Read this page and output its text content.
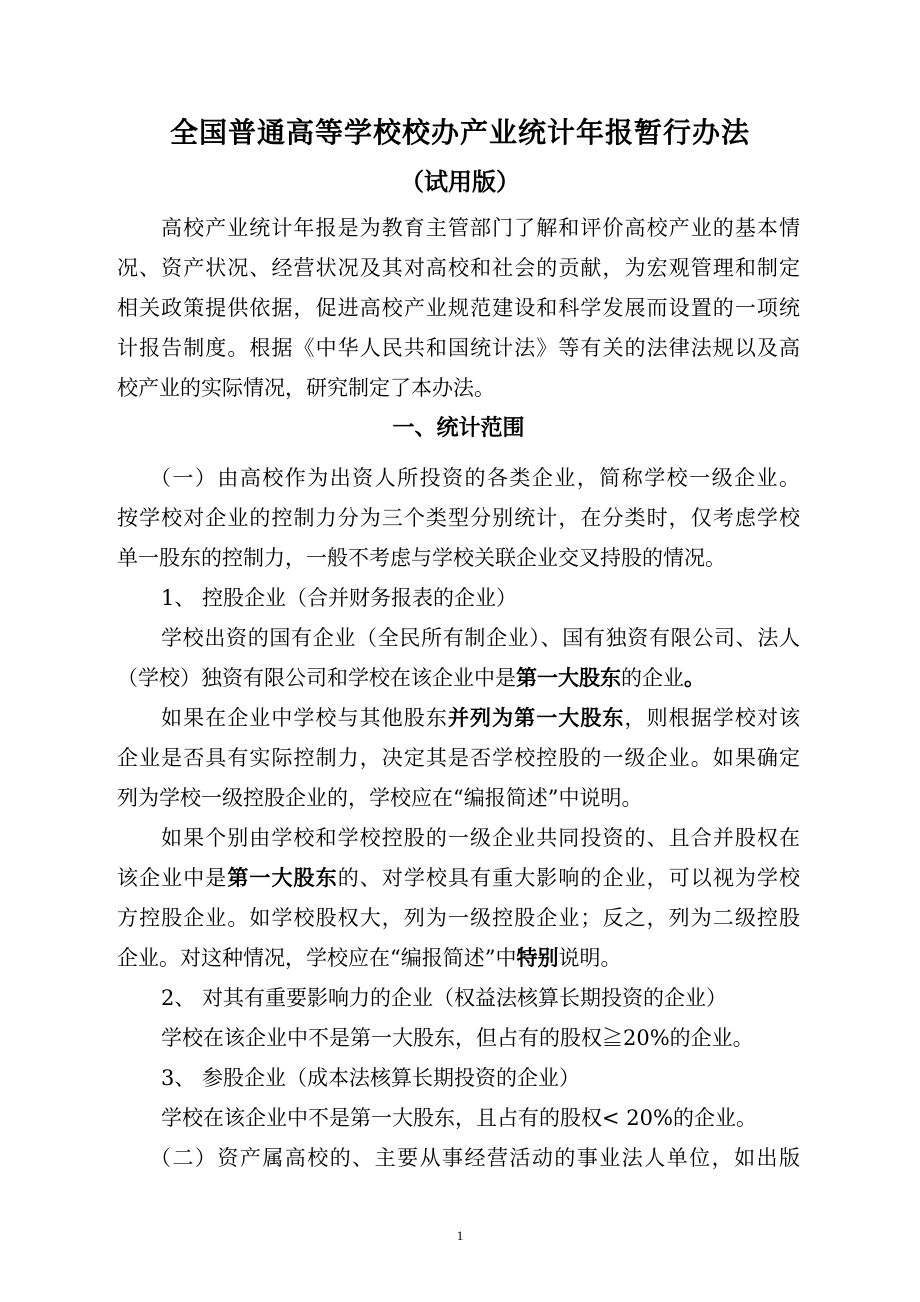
全国普通高等学校校办产业统计年报暂行办法
（试用版）
高校产业统计年报是为教育主管部门了解和评价高校产业的基本情
况、资产状况、经营状况及其对高校和社会的贡献，为宏观管理和制定
相关政策提供依据，促进高校产业规范建设和科学发展而设置的一项统
计报告制度。根据《中华人民共和国统计法》等有关的法律法规以及高
校产业的实际情况，研究制定了本办法。
一、统计范围
（一）由高校作为出资人所投资的各类企业，简称学校一级企业。
按学校对企业的控制力分为三个类型分别统计，在分类时，仅考虑学校
单一股东的控制力，一般不考虑与学校关联企业交叉持股的情况。
1、 控股企业（合并财务报表的企业）
学校出资的国有企业（全民所有制企业）、国有独资有限公司、法人
（学校）独资有限公司和学校在该企业中是第一大股东的企业。
如果在企业中学校与其他股东并列为第一大股东，则根据学校对该
企业是否具有实际控制力，决定其是否学校控股的一级企业。如果确定
列为学校一级控股企业的，学校应在“编报简述”中说明。
如果个别由学校和学校控股的一级企业共同投资的、且合并股权在
该企业中是第一大股东的、对学校具有重大影响的企业，可以视为学校
方控股企业。如学校股权大，列为一级控股企业；反之，列为二级控股
企业。对这种情况，学校应在“编报简述”中特别说明。
2、 对其有重要影响力的企业（权益法核算长期投资的企业）
学校在该企业中不是第一大股东，但占有的股权≧20%的企业。
3、 参股企业（成本法核算长期投资的企业）
学校在该企业中不是第一大股东，且占有的股权< 20%的企业。
（二）资产属高校的、主要从事经营活动的事业法人单位，如出版
1
